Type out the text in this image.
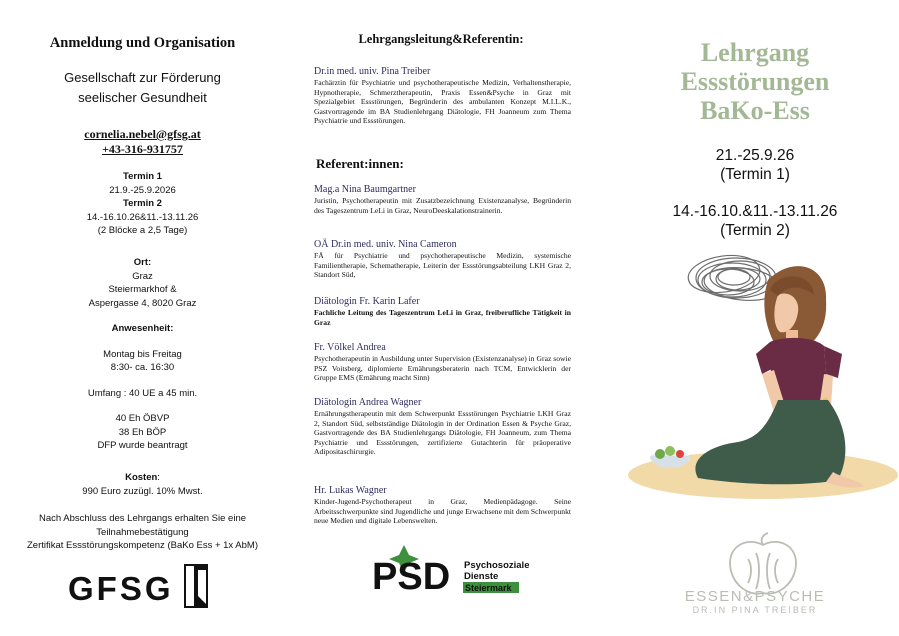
Anmeldung und Organisation
Gesellschaft zur Förderung
seelischer Gesundheit
cornelia.nebel@gfsg.at
+43-316-931757
Termin 1
21.9.-25.9.2026
Termin 2
14.-16.10.26&11.-13.11.26
(2 Blöcke a 2,5 Tage)
Ort:
Graz
Steiermarkhof &
Aspergasse 4, 8020 Graz
Anwesenheit:
Montag bis Freitag
8:30- ca. 16:30
Umfang : 40 UE a 45 min.
40 Eh ÖBVP
38 Eh BÖP
DFP wurde beantragt
Kosten:
990 Euro zuzügl. 10% Mwst.
Nach Abschluss des Lehrgangs erhalten Sie eine
Teilnahmebestätigung
Zertifikat Essstörungskompetenz (BaKo Ess + 1x AbM)
GFSG
Lehrgangsleitung&Referentin:
Dr.in med. univ. Pina Treiber
Fachärztin für Psychiatrie und psychotherapeutische Medizin, Verhaltenstherapie, Hypnotherapie, Schmerztherapeutin, Praxis Essen&Psyche in Graz mit Spezialgebiet Essstörungen, Begründerin des ambulanten Konzept M.I.L.K., Gastvortragende im BA Studienlehrgang Diätologie, FH Joanneum zum Thema Psychiatrie und Essstörungen.
Referent:innen:
Mag.a Nina Baumgartner
Juristin, Psychotherapeutin mit Zusatzbezeichnung Existenzanalyse, Begründerin des Tageszentrum LeLi in Graz, NeuroDeeskalationstrainerin.
OÄ Dr.in med. univ. Nina Cameron
FÄ für Psychiatrie und psychotherapeutische Medizin, systemische Familientherapie, Schematherapie, Leiterin der Essstörungsabteilung LKH Graz 2, Standort Süd,
Diätologin Fr. Karin Lafer
Fachliche Leitung des Tageszentrum LeLi in Graz, freiberufliche Tätigkeit in Graz
Fr. Völkel Andrea
Psychotherapeutin in Ausbildung unter Supervision (Existenzanalyse) in Graz sowie PSZ Voitsberg, diplomierte Ernährungsberaterin nach TCM, Entwicklerin der Gruppe EMS (Ernährung macht Sinn)
Diätologin Andrea Wagner
Ernährungstherapeutin mit dem Schwerpunkt Essstörungen Psychiatrie LKH Graz 2, Standort Süd, selbstständige Diätologin in der Ordination Essen & Psyche Graz, Gastvortragende des BA Studienlehrgangs Diätologie, FH Joanneum, zum Thema Psychiatrie und Essstörungen, zertifizierte Gutachterin für präoperative Adipositaschirurgie.
Hr. Lukas Wagner
Kinder-Jugend-Psychotherapeut in Graz, Medienpädagoge. Seine Arbeitsschwerpunkte sind Jugendliche und junge Erwachsene mit dem Schwerpunkt neue Medien und digitale Lebenswelten.
PSD Psychosoziale
Dienste
Steiermark
Lehrgang
Essstörungen
BaKo-Ess
21.-25.9.26
(Termin 1)
14.-16.10.&11.-13.11.26
(Termin 2)
ESSEN&PSYCHE
DR.IN PINA TREIBER
